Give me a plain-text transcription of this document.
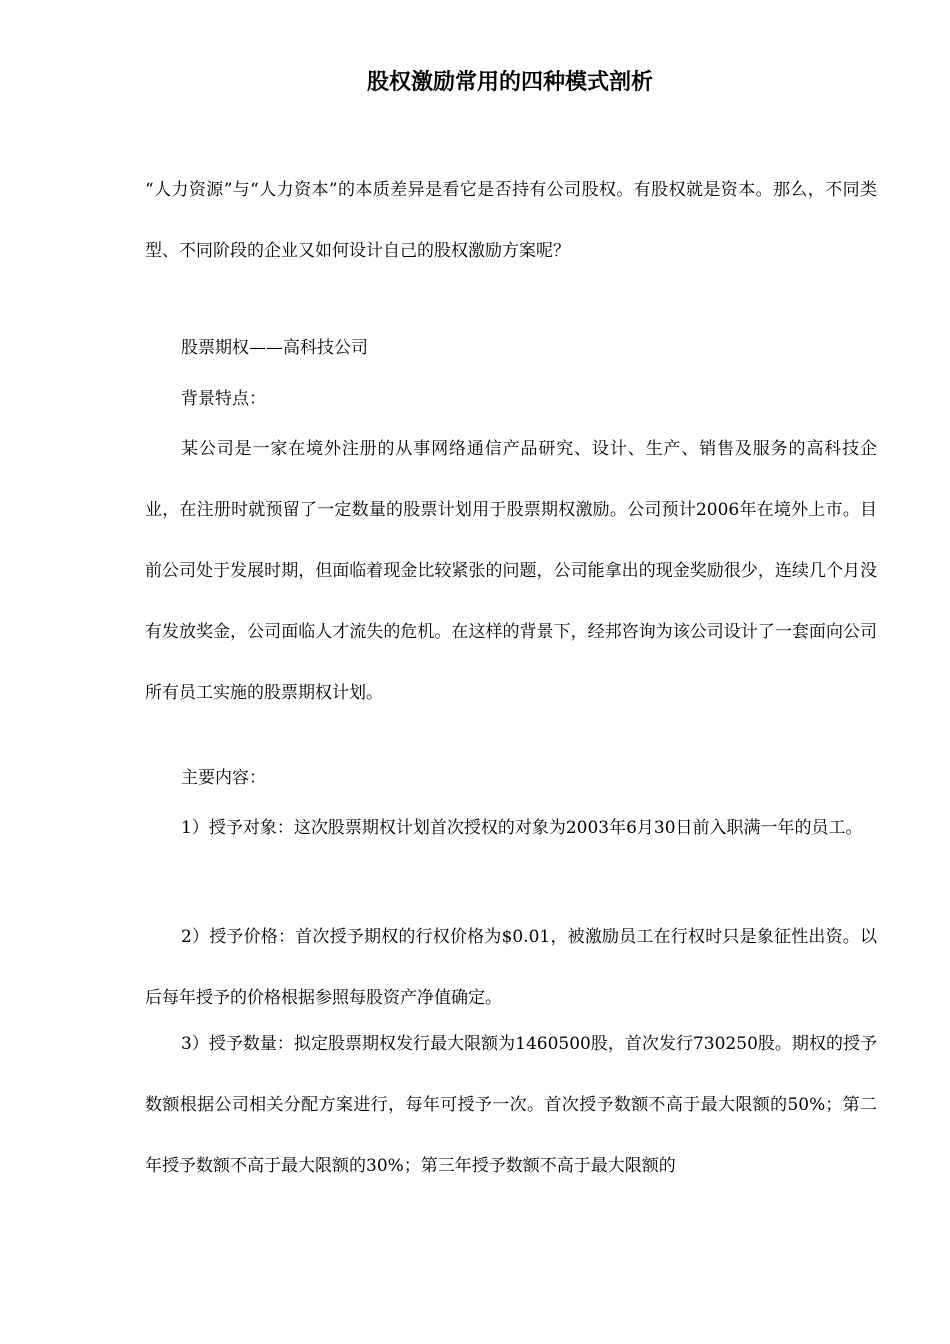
股权激励常用的四种模式剖析

“人力资源”与“人力资本”的本质差异是看它是否持有公司股权。有股权就是资本。那么，不同类型、不同阶段的企业又如何设计自己的股权激励方案呢？

股票期权——高科技公司

背景特点：

某公司是一家在境外注册的从事网络通信产品研究、设计、生产、销售及服务的高科技企业，在注册时就预留了一定数量的股票计划用于股票期权激励。公司预计2006年在境外上市。目前公司处于发展时期，但面临着现金比较紧张的问题，公司能拿出的现金奖励很少，连续几个月没有发放奖金，公司面临人才流失的危机。在这样的背景下，经邦咨询为该公司设计了一套面向公司所有员工实施的股票期权计划。

主要内容：

1）授予对象：这次股票期权计划首次授权的对象为2003年6月30日前入职满一年的员工。

2）授予价格：首次授予期权的行权价格为$0.01，被激励员工在行权时只是象征性出资。以后每年授予的价格根据参照每股资产净值确定。

3）授予数量：拟定股票期权发行最大限额为1460500股，首次发行730250股。期权的授予数额根据公司相关分配方案进行，每年可授予一次。首次授予数额不高于最大限额的50%；第二年授予数额不高于最大限额的30%；第三年授予数额不高于最大限额的
